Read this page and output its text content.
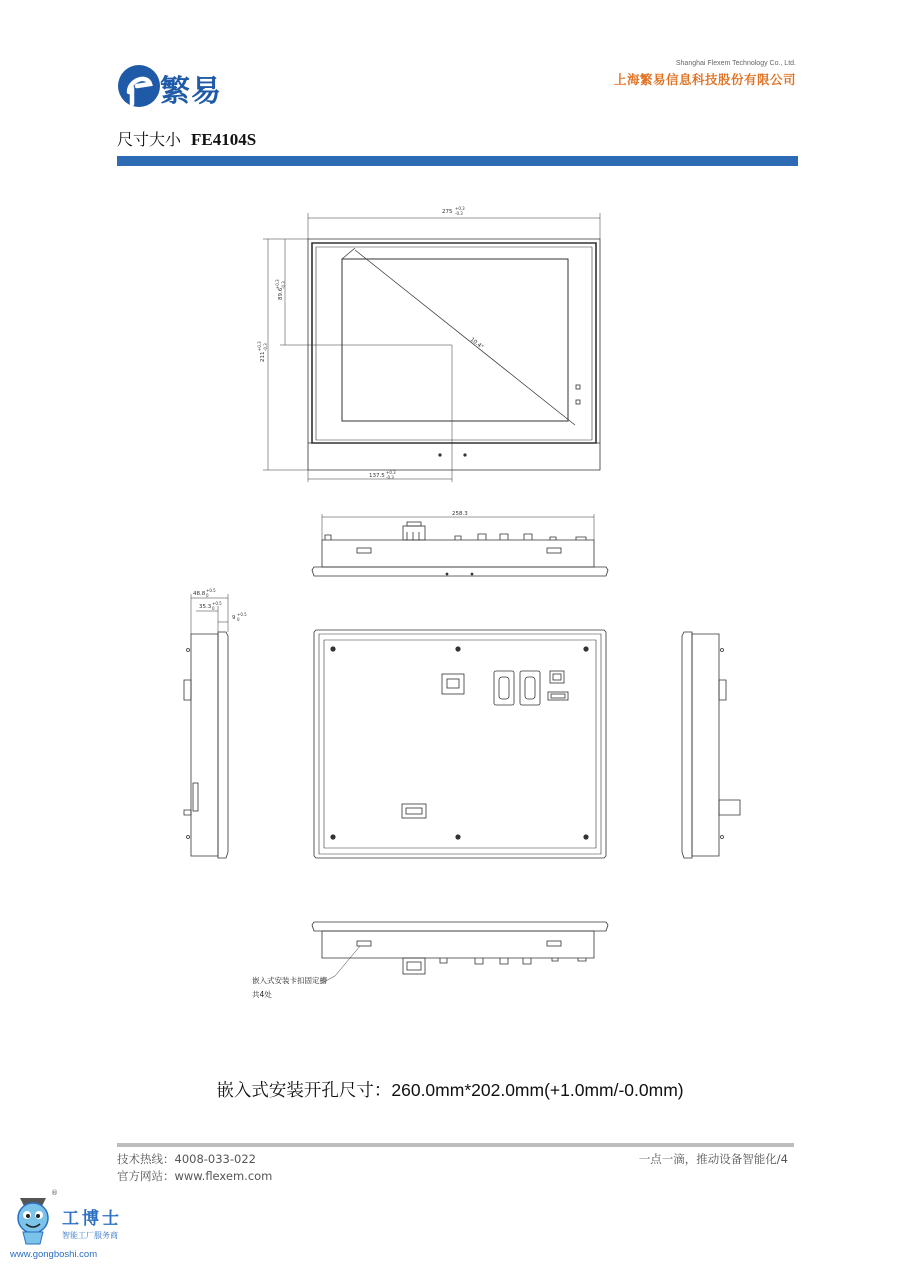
繁易
Shanghai Flexem Technology Co., Ltd.
上海繁易信息科技股份有限公司
尺寸大小 FE4104S
275
+0.3
-0.3
211
+0.3 -0.3
89.6
+0.3 -0.3
137.5
+0.3
-0.3
10.4"
258.3
48.8
+0.5
0
35.3
+0.5
0
9
+0.5
0
嵌入式安装卡扣固定槽
共4处
嵌入式安装开孔尺寸：260.0mm*202.0mm(+1.0mm/-0.0mm)
技术热线：4008-033-022
官方网站：www.flexem.com
一点一滴，推动设备智能化/4
®
工博士
智能工厂服务商
www.gongboshi.com
